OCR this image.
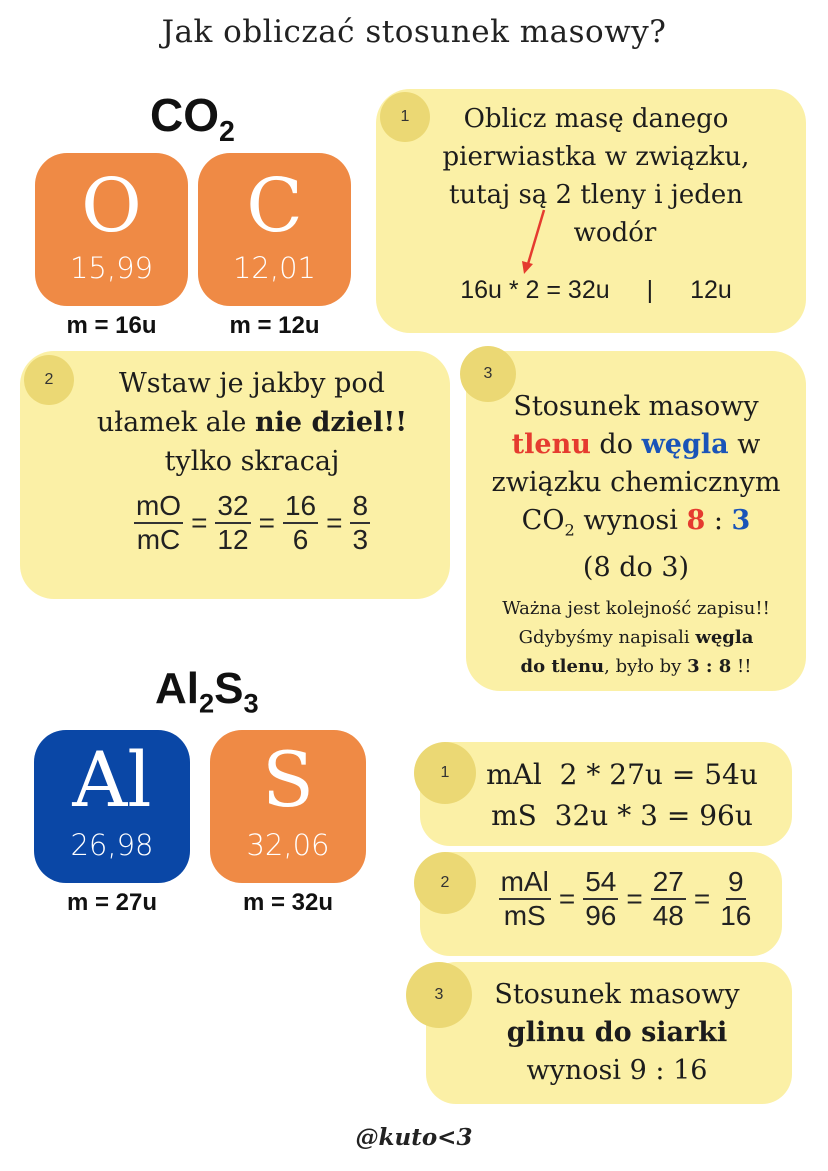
Jak obliczać stosunek masowy?
$CO_2$
O
15,99
C
12,01
m = 16u	m = 12u
1	Oblicz masę danego
pierwiastka w związku,
tutaj są 2 tleny i jeden
wodór
16u * 2 = 32u | 12u
2	Wstaw je jakby pod
ułamek ale nie dziel!!
tylko skracaj
$\frac{mO}{mC} = \frac{32}{12} = \frac{16}{6} = \frac{8}{3}$
3
Stosunek masowy
tlenu do węgla w
związku chemicznym
$CO_2$ wynosi 8 : 3
(8 do 3)
Ważna jest kolejność zapisu!!
Gdybyśmy napisali węgla
do tlenu, było by 3 : 8 !!
$Al_2S_3$
Al
26,98
S
32,06
m = 27u	m = 32u
1	mAl  2 * 27u = 54u
mS  32u * 3 = 96u
2	$\frac{\text{mAl}}{mS} = \frac{54}{96} = \frac{27}{48} = \frac{9}{16}$
3	Stosunek masowy
glinu do siarki
wynosi 9 : 16
@kuto<3
